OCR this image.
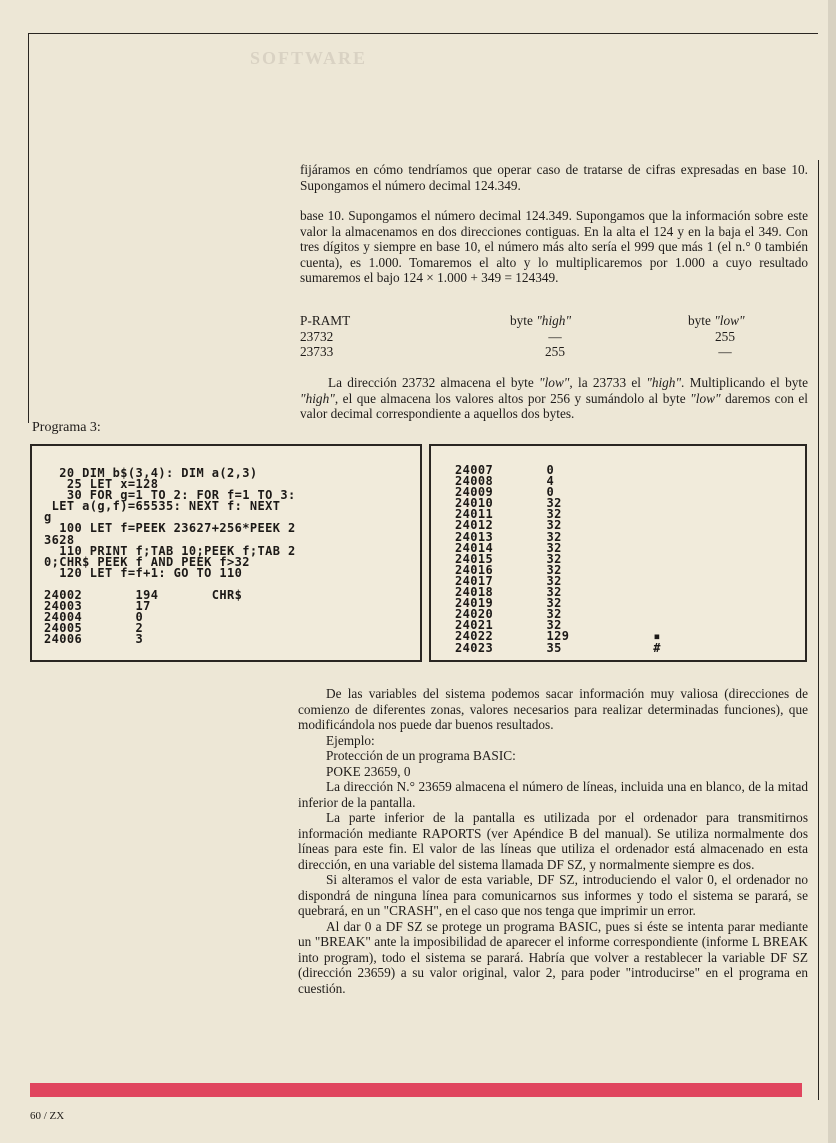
SOFTWARE

fijáramos en cómo tendríamos que operar caso de tratarse de cifras expresadas en base 10. Supongamos el número decimal 124.349.

base 10. Supongamos el número decimal 124.349. Supongamos que la información sobre este valor la almacenamos en dos direcciones contiguas. En la alta el 124 y en la baja el 349. Con tres dígitos y siempre en base 10, el número más alto sería el 999 que más 1 (el n.° 0 también cuenta), es 1.000. Tomaremos el alto y lo multiplicaremos por 1.000 a cuyo resultado sumaremos el bajo 124 × 1.000 + 349 = 124349.

P-RAMT	byte "high"	byte "low"
23732	—	255
23733	255	—

La dirección 23732 almacena el byte "low", la 23733 el "high". Multiplicando el byte "high", el que almacena los valores altos por 256 y sumándolo al byte "low" daremos con el valor decimal correspondiente a aquellos dos bytes.

Programa 3:
20 DIM b$(3,4): DIM a(2,3)
25 LET x=128
30 FOR g=1 TO 2: FOR f=1 TO 3:
LET a(g,f)=65535: NEXT f: NEXT
g
100 LET f=PEEK 23627+256*PEEK 2
3628
110 PRINT f;TAB 10;PEEK f;TAB 2
0;CHR$ PEEK f AND PEEK f>32
120 LET f=f+1: GO TO 110

24002       194       CHR$
24003       17
24004       0
24005       2
24006       3
24007       0
24008       4
24009       0
24010       32
24011       32
24012       32
24013       32
24014       32
24015       32
24016       32
24017       32
24018       32
24019       32
24020       32
24021       32
24022       129           ▪
24023       35            #

De las variables del sistema podemos sacar información muy valiosa (direcciones de comienzo de diferentes zonas, valores necesarios para realizar determinadas funciones), que modificándola nos puede dar buenos resultados.

Ejemplo:

Protección de un programa BASIC:

POKE 23659, 0

La dirección N.° 23659 almacena el número de líneas, incluida una en blanco, de la mitad inferior de la pantalla.

La parte inferior de la pantalla es utilizada por el ordenador para transmitirnos información mediante RAPORTS (ver Apéndice B del manual). Se utiliza normalmente dos líneas para este fin. El valor de las líneas que utiliza el ordenador está almacenado en esta dirección, en una variable del sistema llamada DF SZ, y normalmente siempre es dos.

Si alteramos el valor de esta variable, DF SZ, introduciendo el valor 0, el ordenador no dispondrá de ninguna línea para comunicarnos sus informes y todo el sistema se parará, se quebrará, en un "CRASH", en el caso que nos tenga que imprimir un error.

Al dar 0 a DF SZ se protege un programa BASIC, pues si éste se intenta parar mediante un "BREAK" ante la imposibilidad de aparecer el informe correspondiente (informe L BREAK into program), todo el sistema se parará. Habría que volver a restablecer la variable DF SZ (dirección 23659) a su valor original, valor 2, para poder "introducirse" en el programa en cuestión.

60 / ZX
